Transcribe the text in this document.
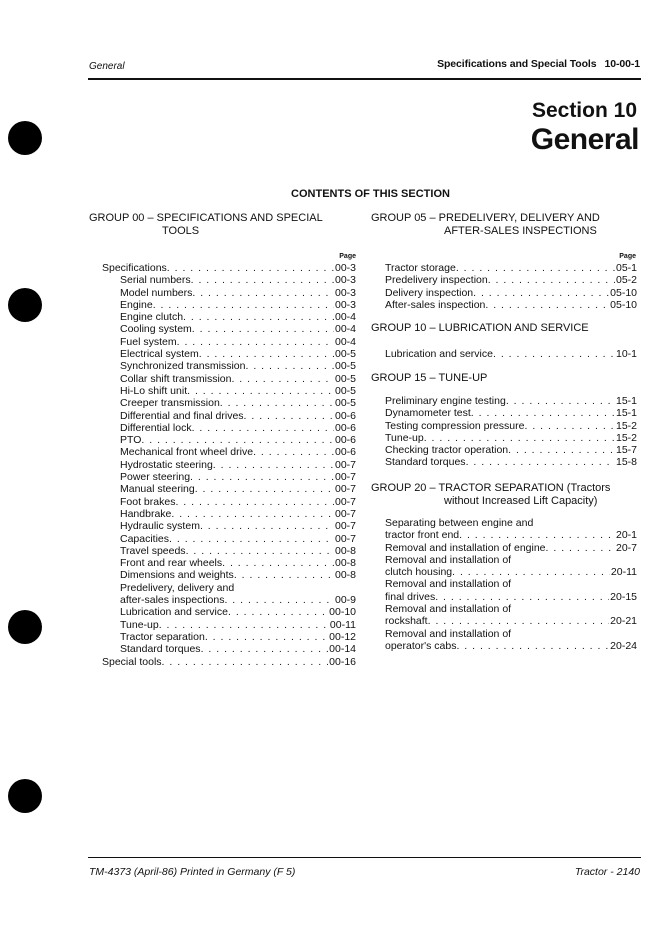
General	Specifications and Special Tools 10-00-1
Section 10
General
CONTENTS OF THIS SECTION
GROUP 00 – SPECIFICATIONS AND SPECIAL
TOOLS
Page
Specifications . . .	00-3
Serial numbers . . .	00-3
Model numbers . . .	00-3
Engine . . .	00-3
Engine clutch . . .	00-4
Cooling system . . .	00-4
Fuel system . . .	00-4
Electrical system . . .	00-5
Synchronized transmission . . .	00-5
Collar shift transmission . . .	00-5
Hi-Lo shift unit . . .	00-5
Creeper transmission . . .	00-5
Differential and final drives . . .	00-6
Differential lock . . .	00-6
PTO . . .	00-6
Mechanical front wheel drive . . .	00-6
Hydrostatic steering . . .	00-7
Power steering . . .	00-7
Manual steering . . .	00-7
Foot brakes . . .	00-7
Handbrake . . .	00-7
Hydraulic system . . .	00-7
Capacities . . .	00-7
Travel speeds . . .	00-8
Front and rear wheels . . .	00-8
Dimensions and weights . . .	00-8
Predelivery, delivery and
after-sales inspections . . .	00-9
Lubrication and service . . .	00-10
Tune-up . . .	00-11
Tractor separation . . .	00-12
Standard torques . . .	00-14
Special tools . . .	00-16
GROUP 05 – PREDELIVERY, DELIVERY AND
AFTER-SALES INSPECTIONS
Page
Tractor storage . . .	05-1
Predelivery inspection . . .	05-2
Delivery inspection . . .	05-10
After-sales inspection . . .	05-10
GROUP 10 – LUBRICATION AND SERVICE
Lubrication and service . . .	10-1
GROUP 15 – TUNE-UP
Preliminary engine testing . . .	15-1
Dynamometer test . . .	15-1
Testing compression pressure . . .	15-2
Tune-up . . .	15-2
Checking tractor operation . . .	15-7
Standard torques . . .	15-8
GROUP 20 – TRACTOR SEPARATION (Tractors
without Increased Lift Capacity)
Separating between engine and
tractor front end . . .	20-1
Removal and installation of engine . . .	20-7
Removal and installation of
clutch housing . . .	20-11
Removal and installation of
final drives . . .	20-15
Removal and installation of
rockshaft . . .	20-21
Removal and installation of
operator's cabs . . .	20-24
TM-4373 (April-86) Printed in Germany (F 5)	Tractor - 2140
